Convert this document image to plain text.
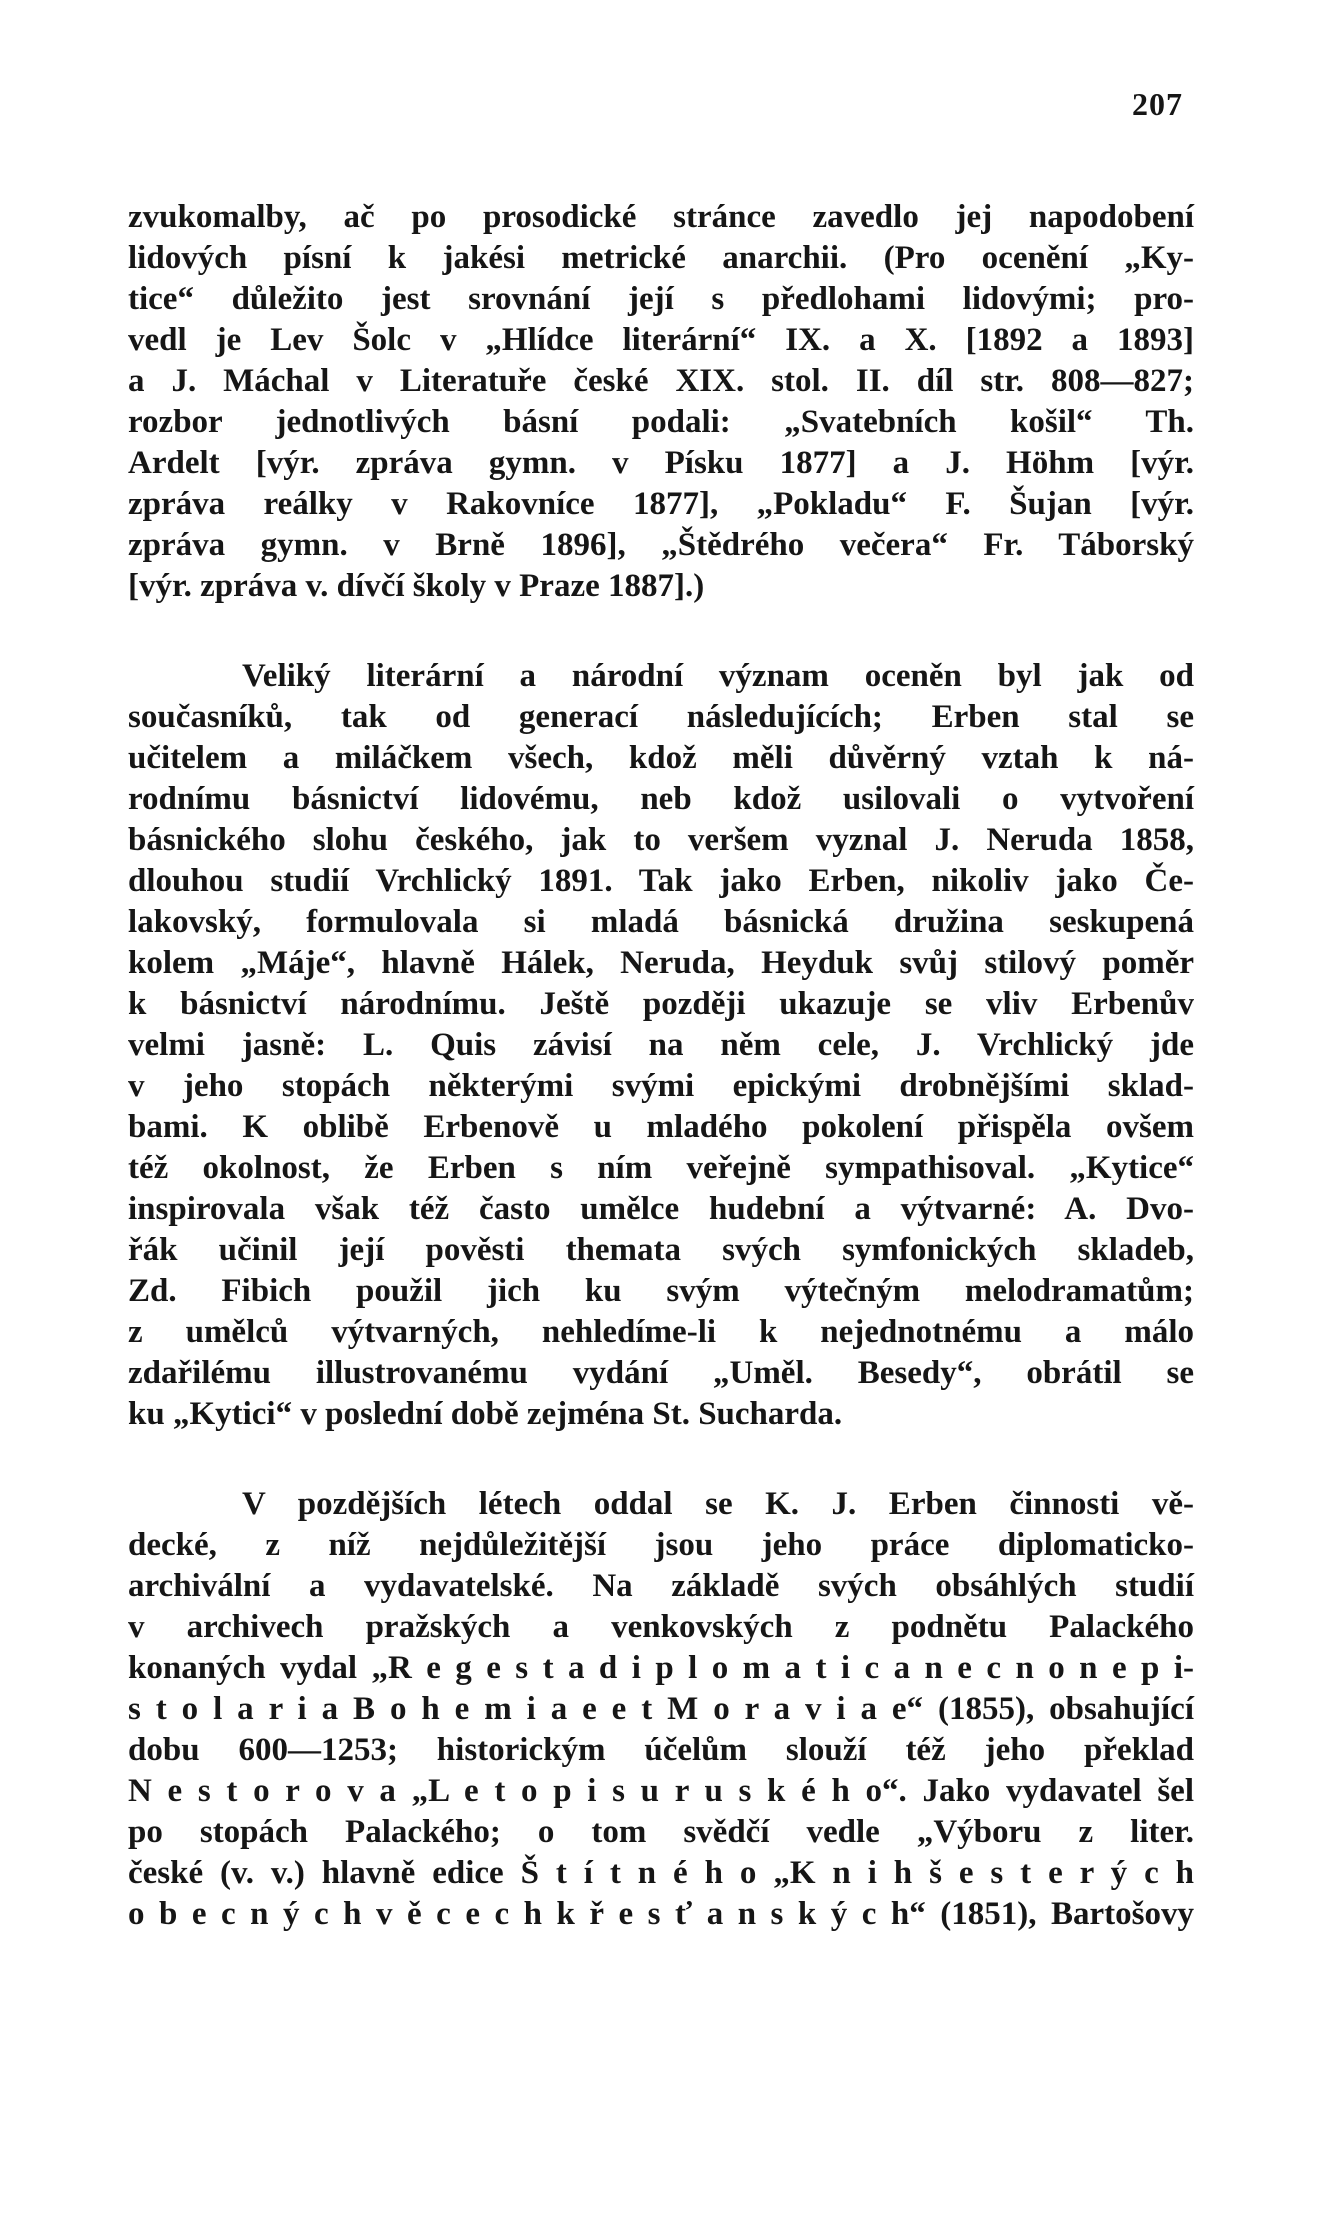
207
zvukomalby, ač po prosodické stránce zavedlo jej napodobení
lidových písní k jakési metrické anarchii. (Pro ocenění „Ky-
tice“ důležito jest srovnání její s předlohami lidovými; pro-
vedl je Lev Šolc v „Hlídce literární“ IX. a X. [1892 a 1893]
a J. Máchal v Literatuře české XIX. stol. II. díl str. 808—827;
rozbor jednotlivých básní podali: „Svatebních košil“ Th.
Ardelt [výr. zpráva gymn. v Písku 1877] a J. Höhm [výr.
zpráva reálky v Rakovníce 1877], „Pokladu“ F. Šujan [výr.
zpráva gymn. v Brně 1896], „Štědrého večera“ Fr. Táborský
[výr. zpráva v. dívčí školy v Praze 1887].)
Veliký literární a národní význam oceněn byl jak od
současníků, tak od generací následujících; Erben stal se
učitelem a miláčkem všech, kdož měli důvěrný vztah k ná-
rodnímu básnictví lidovému, neb kdož usilovali o vytvoření
básnického slohu českého, jak to veršem vyznal J. Neruda 1858,
dlouhou studií Vrchlický 1891. Tak jako Erben, nikoliv jako Če-
lakovský, formulovala si mladá básnická družina seskupená
kolem „Máje“, hlavně Hálek, Neruda, Heyduk svůj stilový poměr
k básnictví národnímu. Ještě později ukazuje se vliv Erbenův
velmi jasně: L. Quis závisí na něm cele, J. Vrchlický jde
v jeho stopách některými svými epickými drobnějšími sklad-
bami. K oblibě Erbenově u mladého pokolení přispěla ovšem
též okolnost, že Erben s ním veřejně sympathisoval. „Kytice“
inspirovala však též často umělce hudební a výtvarné: A. Dvo-
řák učinil její pověsti themata svých symfonických skladeb,
Zd. Fibich použil jich ku svým výtečným melodramatům;
z umělců výtvarných, nehledíme-li k nejednotnému a málo
zdařilému illustrovanému vydání „Uměl. Besedy“, obrátil se
ku „Kytici“ v poslední době zejména St. Sucharda.
V pozdějších létech oddal se K. J. Erben činnosti vě-
decké, z níž nejdůležitější jsou jeho práce diplomaticko-
archivální a vydavatelské. Na základě svých obsáhlých studií
v archivech pražských a venkovských z podnětu Palackého
konaných vydal „R e g e s t a d i p l o m a t i c a n e c n o n e p i-
s t o l a r i a B o h e m i a e e t M o r a v i a e“ (1855), obsahující
dobu 600—1253; historickým účelům slouží též jeho překlad
N e s t o r o v a „L e t o p i s u r u s k é h o“. Jako vydavatel šel
po stopách Palackého; o tom svědčí vedle „Výboru z liter.
české (v. v.) hlavně edice Š t í t n é h o „K n i h š e s t e r ý c h
o b e c n ý c h v ě c e c h k ř e s ť a n s k ý c h“ (1851), Bartošovy
